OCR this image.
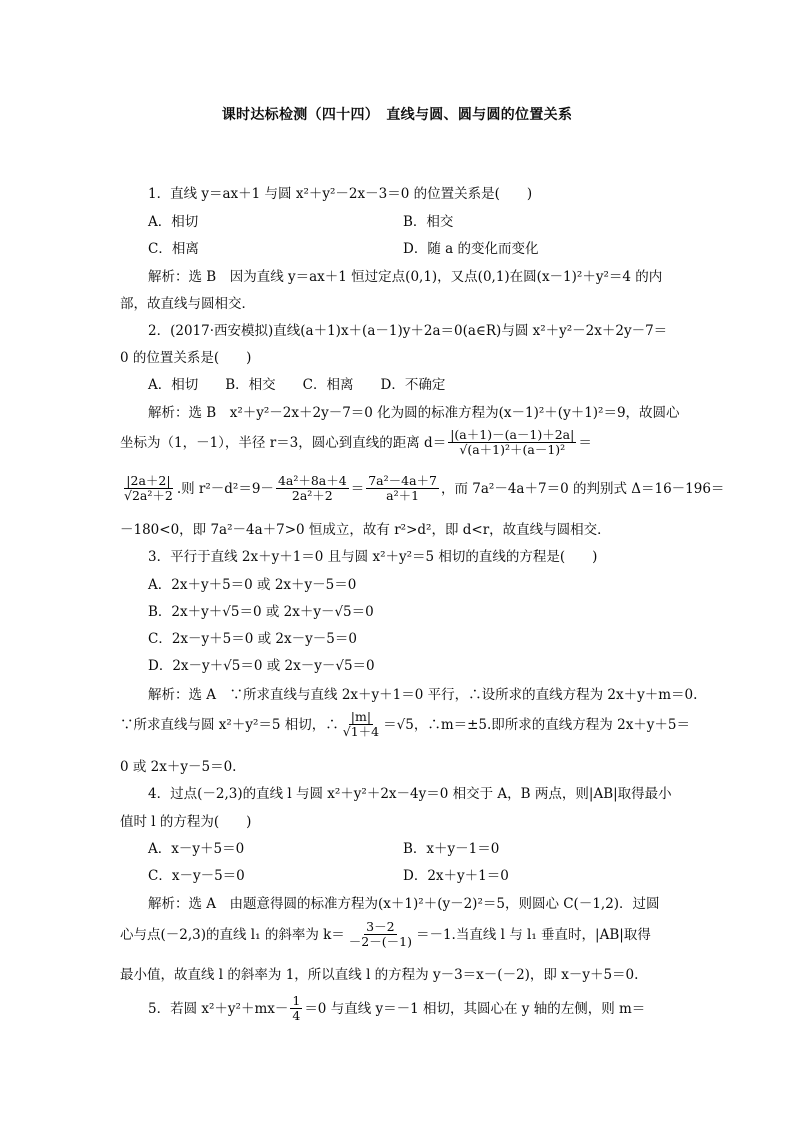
课时达标检测（四十四）　直线与圆、圆与圆的位置关系
1．直线 y＝ax＋1 与圆 x²＋y²－2x－3＝0 的位置关系是(　　)
A．相切	B．相交
C．相离	D．随 a 的变化而变化
解析：选 B　因为直线 y＝ax＋1 恒过定点(0,1)，又点(0,1)在圆(x－1)²＋y²＝4 的内
部，故直线与圆相交．
2．(2017·西安模拟)直线(a＋1)x＋(a－1)y＋2a＝0(a∈R)与圆 x²＋y²－2x＋2y－7＝
0 的位置关系是(　　)
A．相切　　B．相交　　C．相离　　D．不确定
解析：选 B　x²＋y²－2x＋2y－7＝0 化为圆的标准方程为(x－1)²＋(y＋1)²＝9，故圆心
坐标为（1，－1），半径 r＝3，圆心到直线的距离 $d= \frac{|(a+1)-(a-1)+2a|}{\text{√(a＋1)²＋(a－1)²}}$ ＝
$\frac{|2a+2|}{\text{√2a²＋2}}$ .则 $r^2-d^2=9- \frac{\text{4a²＋8a＋4}}{\text{2a²＋2}} = \frac{\text{7a²－4a＋7}}{\text{a²＋1}}$ ，而 7a²－4a＋7＝0 的判别式 Δ＝16－196＝
－180<0，即 7a²－4a＋7>0 恒成立，故有 r²>d²，即 d<r，故直线与圆相交．
3．平行于直线 2x＋y＋1＝0 且与圆 x²＋y²＝5 相切的直线的方程是(　　)
A．2x＋y＋5＝0 或 2x＋y－5＝0
B．2x＋y＋√5＝0 或 2x＋y－√5＝0
C．2x－y＋5＝0 或 2x－y－5＝0
D．2x－y＋√5＝0 或 2x－y－√5＝0
解析：选 A　∵所求直线与直线 2x＋y＋1＝0 平行，∴设所求的直线方程为 2x＋y＋m＝0.
∵所求直线与圆 x²＋y²＝5 相切，∴ $\frac{|m|}{√1+4} =√5$，∴m＝±5.即所求的直线方程为 2x＋y＋5＝
0 或 2x＋y－5＝0.
4．过点(－2,3)的直线 l 与圆 x²＋y²＋2x－4y＝0 相交于 A，B 两点，则|AB|取得最小
值时 l 的方程为(　　)
A．x－y＋5＝0	B．x＋y－1＝0
C．x－y－5＝0	D．2x＋y＋1＝0
解析：选 A　由题意得圆的标准方程为(x＋1)²＋(y－2)²＝5，则圆心 C(－1,2)．过圆
心与点(－2,3)的直线 l₁ 的斜率为 $k= \frac{3-2}{-2-(-1)} =-1$.当直线 l 与 l₁ 垂直时，|AB|取得
最小值，故直线 l 的斜率为 1，所以直线 l 的方程为 y－3＝x－(－2)，即 x－y＋5＝0.
5．若圆 $x^2+y^2+mx- \frac{1}{4} =0$ 与直线 y＝－1 相切，其圆心在 y 轴的左侧，则 m＝
